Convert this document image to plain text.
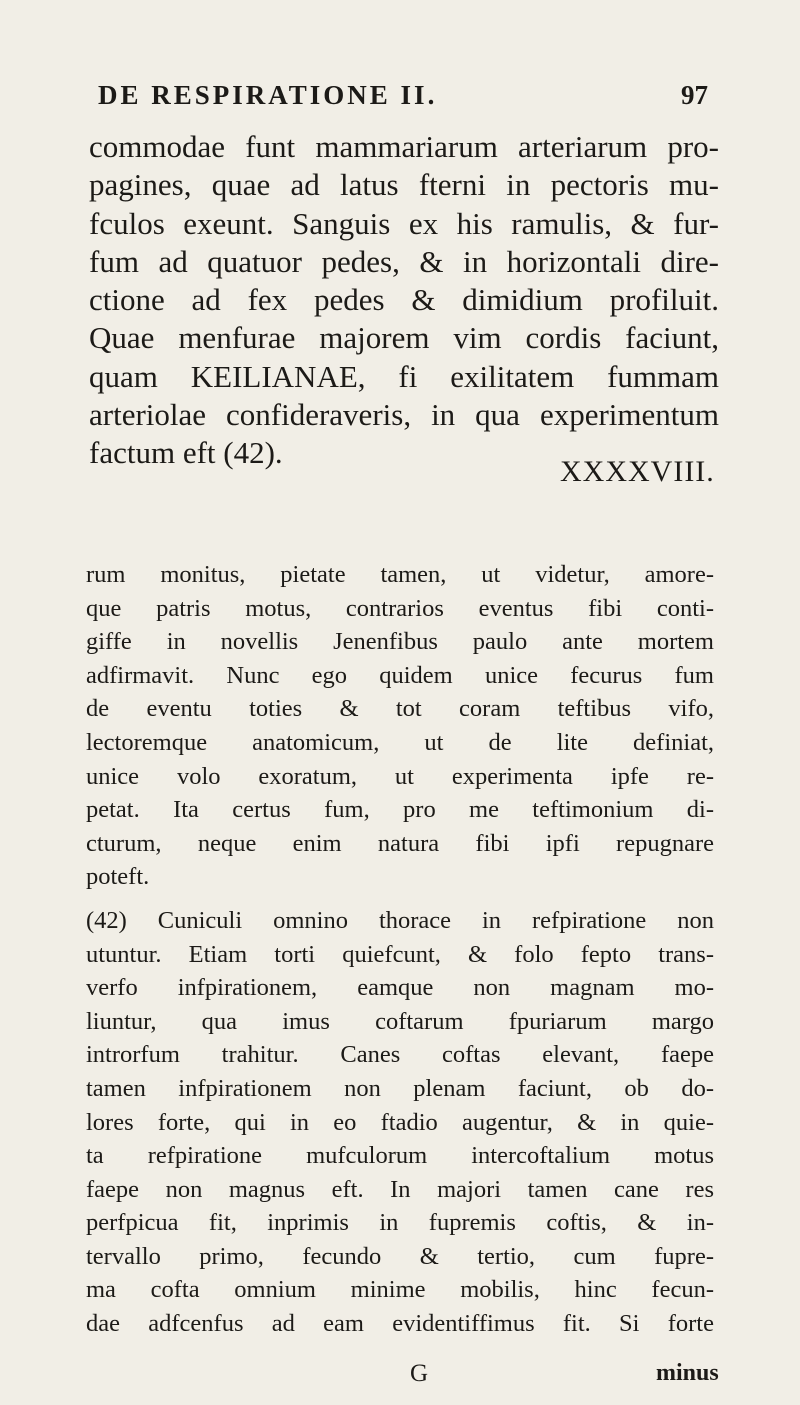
DE RESPIRATIONE II.	97
commodae funt mammariarum arteriarum pro-
pagines, quae ad latus fterni in pectoris mu-
fculos exeunt. Sanguis ex his ramulis, & fur-
fum ad quatuor pedes, & in horizontali dire-
ctione ad fex pedes & dimidium profiluit.
Quae menfurae majorem vim cordis faciunt,
quam KEILIANAE, fi exilitatem fummam
arteriolae confideraveris, in qua experimentum
factum eft (42).
XXXXVIII.
rum monitus, pietate tamen, ut videtur, amore-
que patris motus, contrarios eventus fibi conti-
giffe in novellis Jenenfibus paulo ante mortem
adfirmavit. Nunc ego quidem unice fecurus fum
de eventu toties & tot coram teftibus vifo,
lectoremque anatomicum, ut de lite definiat,
unice volo exoratum, ut experimenta ipfe re-
petat. Ita certus fum, pro me teftimonium di-
cturum, neque enim natura fibi ipfi repugnare
poteft.
(42) Cuniculi omnino thorace in refpiratione non
utuntur. Etiam torti quiefcunt, & folo fepto trans-
verfo infpirationem, eamque non magnam mo-
liuntur, qua imus coftarum fpuriarum margo
introrfum trahitur. Canes coftas elevant, faepe
tamen infpirationem non plenam faciunt, ob do-
lores forte, qui in eo ftadio augentur, & in quie-
ta refpiratione mufculorum intercoftalium motus
faepe non magnus eft. In majori tamen cane res
perfpicua fit, inprimis in fupremis coftis, & in-
tervallo primo, fecundo & tertio, cum fupre-
ma cofta omnium minime mobilis, hinc fecun-
dae adfcenfus ad eam evidentiffimus fit. Si forte
G	minus
